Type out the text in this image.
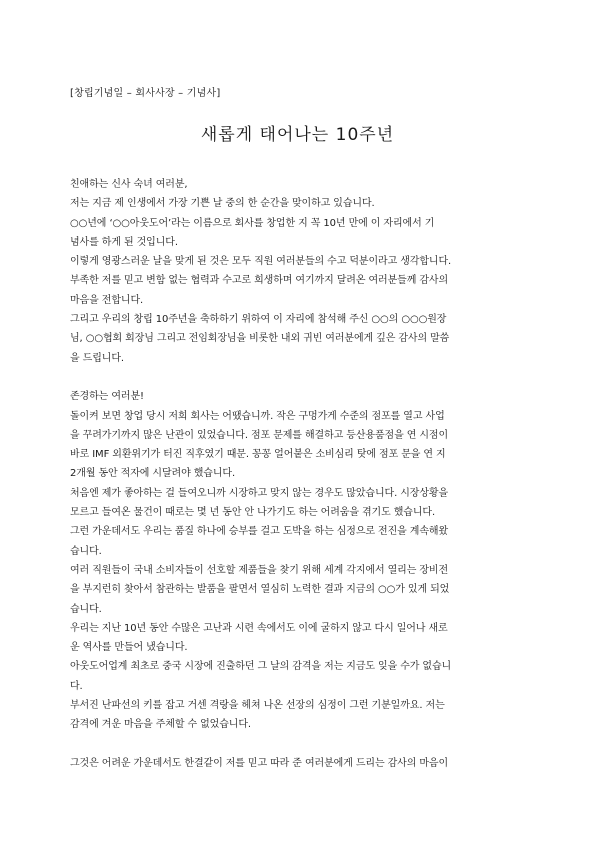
[창립기념일 – 회사사장 – 기념사]
새롭게 태어나는 10주년
친애하는 신사 숙녀 여러분,
저는 지금 제 인생에서 가장 기쁜 날 중의 한 순간을 맞이하고 있습니다.
○○년에 ‘○○아웃도어’라는 이름으로 회사를 창업한 지 꼭 10년 만에 이 자리에서 기
념사를 하게 된 것입니다.
이렇게 영광스러운 날을 맞게 된 것은 모두 직원 여러분들의 수고 덕분이라고 생각합니다.
부족한 저를 믿고 변함 없는 협력과 수고로 희생하며 여기까지 달려온 여러분들께 감사의
마음을 전합니다.
그리고 우리의 창립 10주년을 축하하기 위하여 이 자리에 참석해 주신 ○○의 ○○○원장
님, ○○협회 회장님 그리고 전임회장님을 비롯한 내외 귀빈 여러분에게 깊은 감사의 말씀
을 드립니다.
존경하는 여러분!
돌이켜 보면 창업 당시 저희 회사는 어땠습니까. 작은 구멍가게 수준의 점포를 열고 사업
을 꾸려가기까지 많은 난관이 있었습니다. 점포 문제를 해결하고 등산용품점을 연 시점이
바로 IMF 외환위기가 터진 직후였기 때문. 꽁꽁 얼어붙은 소비심리 탓에 점포 문을 연 지
2개월 동안 적자에 시달려야 했습니다.
처음엔 제가 좋아하는 걸 들여오니까 시장하고 맞지 않는 경우도 많았습니다. 시장상황을
모르고 들여온 물건이 때로는 몇 년 동안 안 나가기도 하는 어려움을 겪기도 했습니다.
그런 가운데서도 우리는 품질 하나에 승부를 걸고 도박을 하는 심정으로 전진을 계속해왔
습니다.
여러 직원들이 국내 소비자들이 선호할 제품들을 찾기 위해 세계 각지에서 열리는 장비전
을 부지런히 찾아서 참관하는 발품을 팔면서 열심히 노력한 결과 지금의 ○○가 있게 되었
습니다.
우리는 지난 10년 동안 수많은 고난과 시련 속에서도 이에 굴하지 않고 다시 일어나 새로
운 역사를 만들어 냈습니다.
아웃도어업계 최초로 중국 시장에 진출하던 그 날의 감격을 저는 지금도 잊을 수가 없습니
다.
부서진 난파선의 키를 잡고 거센 격랑을 헤쳐 나온 선장의 심정이 그런 기분일까요. 저는
감격에 겨운 마음을 주체할 수 없었습니다.
그것은 어려운 가운데서도 한결같이 저를 믿고 따라 준 여러분에게 드리는 감사의 마음이
